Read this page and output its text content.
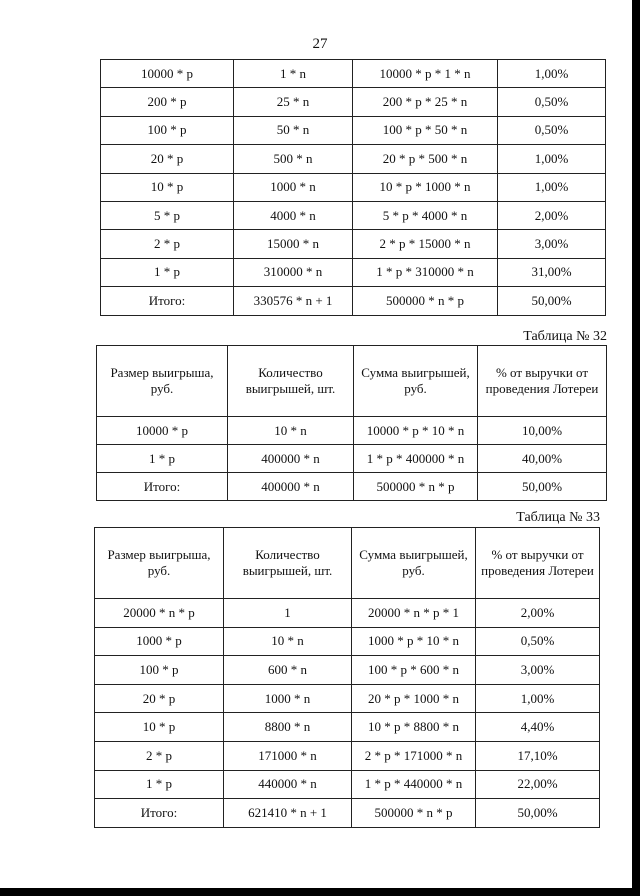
27
10000 * p	1 * n	10000 * p * 1 * n	1,00%
200 * p	25 * n	200 * p * 25 * n	0,50%
100 * p	50 * n	100 * p * 50 * n	0,50%
20 * p	500 * n	20 * p * 500 * n	1,00%
10 * p	1000 * n	10 * p * 1000 * n	1,00%
5 * p	4000 * n	5 * p * 4000 * n	2,00%
2 * p	15000 * n	2 * p * 15000 * n	3,00%
1 * p	310000 * n	1 * p * 310000 * n	31,00%
Итого:	330576 * n + 1	500000 * n * p	50,00%
Таблица № 32
Размер выигрыша, руб.	Количество выигрышей, шт.	Сумма выигрышей, руб.	% от выручки от проведения Лотереи
10000 * p	10 * n	10000 * p * 10 * n	10,00%
1 * p	400000 * n	1 * p * 400000 * n	40,00%
Итого:	400000 * n	500000 * n * p	50,00%
Таблица № 33
Размер выигрыша, руб.	Количество выигрышей, шт.	Сумма выигрышей, руб.	% от выручки от проведения Лотереи
20000 * n * p	1	20000 * n * p * 1	2,00%
1000 * p	10 * n	1000 * p * 10 * n	0,50%
100 * p	600 * n	100 * p * 600 * n	3,00%
20 * p	1000 * n	20 * p * 1000 * n	1,00%
10 * p	8800 * n	10 * p * 8800 * n	4,40%
2 * p	171000 * n	2 * p * 171000 * n	17,10%
1 * p	440000 * n	1 * p * 440000 * n	22,00%
Итого:	621410 * n + 1	500000 * n * p	50,00%
